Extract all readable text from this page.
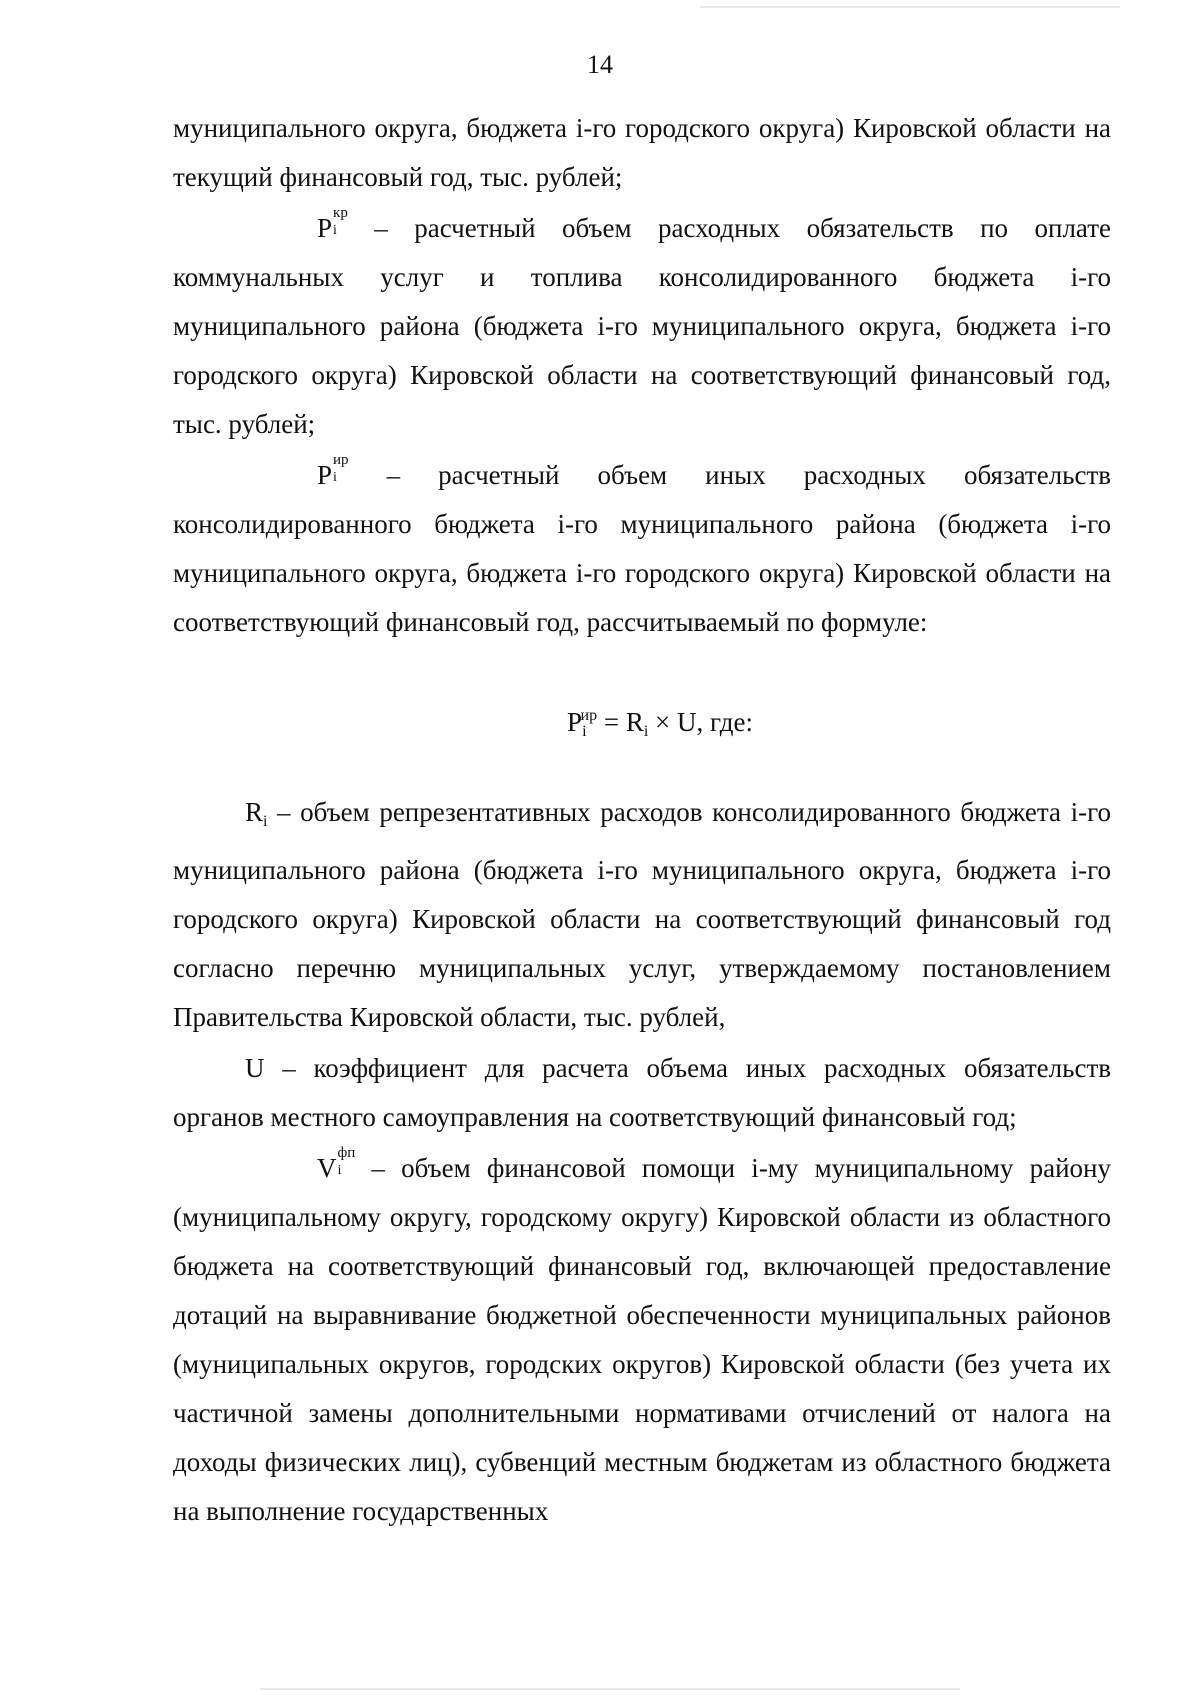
14

муниципального округа, бюджета i-го городского округа) Кировской области на текущий финансовый год, тыс. рублей;

P кр
i – расчетный объем расходных обязательств по оплате коммунальных услуг и топлива консолидированного бюджета i-го муниципального района (бюджета i-го муниципального округа, бюджета i-го городского округа) Кировской области на соответствующий финансовый год, тыс. рублей;

P ир
i – расчетный объем иных расходных обязательств консолидированного бюджета i-го муниципального района (бюджета i-го муниципального округа, бюджета i-го городского округа) Кировской области на соответствующий финансовый год, рассчитываемый по формуле:

$Pi^{ир} = Ri \times U$, где:

Ri – объем репрезентативных расходов консолидированного бюджета i-го муниципального района (бюджета i-го муниципального округа, бюджета i-го городского округа) Кировской области на соответствующий финансовый год согласно перечню муниципальных услуг, утверждаемому постановлением Правительства Кировской области, тыс. рублей,

U – коэффициент для расчета объема иных расходных обязательств органов местного самоуправления на соответствующий финансовый год;

V фп
i – объем финансовой помощи i-му муниципальному району (муниципальному округу, городскому округу) Кировской области из областного бюджета на соответствующий финансовый год, включающей предоставление дотаций на выравнивание бюджетной обеспеченности муниципальных районов (муниципальных округов, городских округов) Кировской области (без учета их частичной замены дополнительными нормативами отчислений от налога на доходы физических лиц), субвенций местным бюджетам из областного бюджета на выполнение государственных
